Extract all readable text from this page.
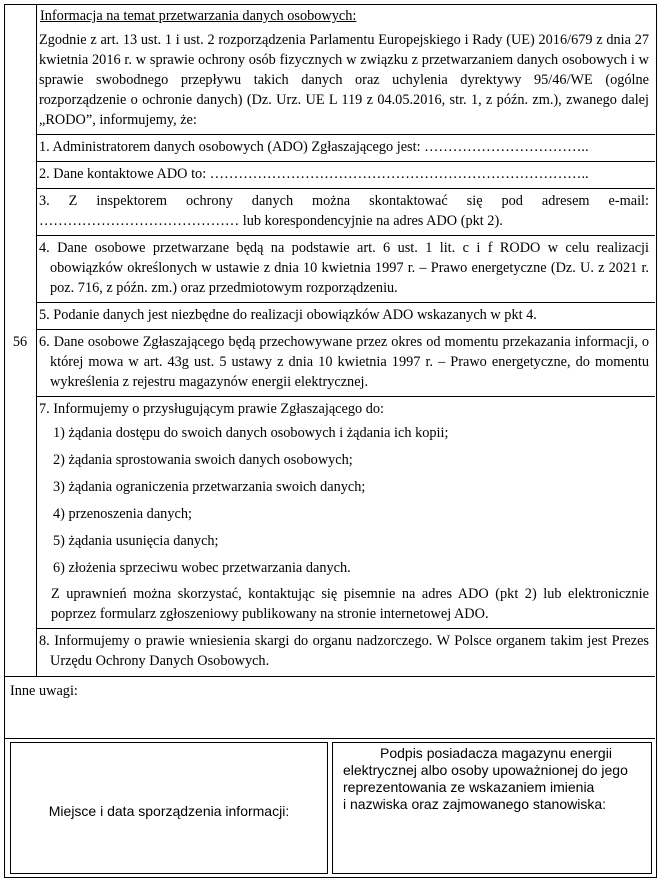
56
Informacja na temat przetwarzania danych osobowych:

Zgodnie z art. 13 ust. 1 i ust. 2 rozporządzenia Parlamentu Europejskiego i Rady (UE) 2016/679 z dnia 27 kwietnia 2016 r. w sprawie ochrony osób fizycznych w związku z przetwarzaniem danych osobowych i w sprawie swobodnego przepływu takich danych oraz uchylenia dyrektywy 95/46/WE (ogólne rozporządzenie o ochronie danych) (Dz. Urz. UE L 119 z 04.05.2016, str. 1, z późn. zm.), zwanego dalej „RODO”, informujemy, że:

1. Administratorem danych osobowych (ADO) Zgłaszającego jest: ……………………………..

2. Dane kontaktowe ADO to: ……………………………………………………………………..

3. Z inspektorem ochrony danych można skontaktować się pod adresem e-mail: …………………………………… lub korespondencyjnie na adres ADO (pkt 2).

4. Dane osobowe przetwarzane będą na podstawie art. 6 ust. 1 lit. c i f RODO w celu realizacji obowiązków określonych w ustawie z dnia 10 kwietnia 1997 r. – Prawo energetyczne (Dz. U. z 2021 r. poz. 716, z późn. zm.) oraz przedmiotowym rozporządzeniu.

5. Podanie danych jest niezbędne do realizacji obowiązków ADO wskazanych w pkt 4.

6. Dane osobowe Zgłaszającego będą przechowywane przez okres od momentu przekazania informacji, o której mowa w art. 43g ust. 5 ustawy z dnia 10 kwietnia 1997 r. – Prawo energetyczne, do momentu wykreślenia z rejestru magazynów energii elektrycznej.

7. Informujemy o przysługującym prawie Zgłaszającego do:

1) żądania dostępu do swoich danych osobowych i żądania ich kopii;
2) żądania sprostowania swoich danych osobowych;
3) żądania ograniczenia przetwarzania swoich danych;
4) przenoszenia danych;
5) żądania usunięcia danych;
6) złożenia sprzeciwu wobec przetwarzania danych.

Z uprawnień można skorzystać, kontaktując się pisemnie na adres ADO (pkt 2) lub elektronicznie poprzez formularz zgłoszeniowy publikowany na stronie internetowej ADO.

8. Informujemy o prawie wniesienia skargi do organu nadzorczego. W Polsce organem takim jest Prezes Urzędu Ochrony Danych Osobowych.

Inne uwagi:
Miejsce i data sporządzenia informacji:
Podpis posiadacza magazynu energii
elektrycznej albo osoby upoważnionej do jego
reprezentowania ze wskazaniem imienia
i nazwiska oraz zajmowanego stanowiska:
